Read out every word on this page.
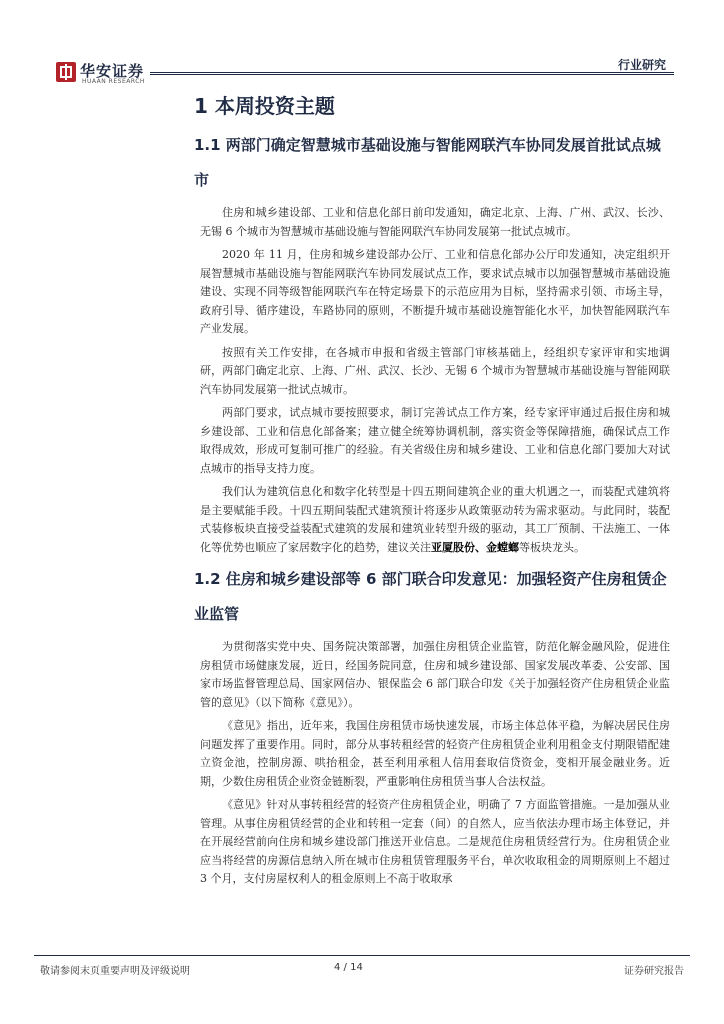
华安证券
HUAAN RESEARCH
行业研究
1 本周投资主题
1.1 两部门确定智慧城市基础设施与智能网联汽车协同发展首批试点城市

住房和城乡建设部、工业和信息化部日前印发通知，确定北京、上海、广州、武汉、长沙、无锡 6 个城市为智慧城市基础设施与智能网联汽车协同发展第一批试点城市。

2020 年 11 月，住房和城乡建设部办公厅、工业和信息化部办公厅印发通知，决定组织开展智慧城市基础设施与智能网联汽车协同发展试点工作，要求试点城市以加强智慧城市基础设施建设、实现不同等级智能网联汽车在特定场景下的示范应用为目标，坚持需求引领、市场主导，政府引导、循序建设，车路协同的原则，不断提升城市基础设施智能化水平，加快智能网联汽车产业发展。

按照有关工作安排，在各城市申报和省级主管部门审核基础上，经组织专家评审和实地调研，两部门确定北京、上海、广州、武汉、长沙、无锡 6 个城市为智慧城市基础设施与智能网联汽车协同发展第一批试点城市。

两部门要求，试点城市要按照要求，制订完善试点工作方案，经专家评审通过后报住房和城乡建设部、工业和信息化部备案；建立健全统筹协调机制，落实资金等保障措施，确保试点工作取得成效，形成可复制可推广的经验。有关省级住房和城乡建设、工业和信息化部门要加大对试点城市的指导支持力度。

我们认为建筑信息化和数字化转型是十四五期间建筑企业的重大机遇之一，而装配式建筑将是主要赋能手段。十四五期间装配式建筑预计将逐步从政策驱动转为需求驱动。与此同时，装配式装修板块直接受益装配式建筑的发展和建筑业转型升级的驱动，其工厂预制、干法施工、一体化等优势也顺应了家居数字化的趋势，建议关注亚厦股份、金螳螂等板块龙头。

1.2 住房和城乡建设部等 6 部门联合印发意见：加强轻资产住房租赁企业监管

为贯彻落实党中央、国务院决策部署，加强住房租赁企业监管，防范化解金融风险，促进住房租赁市场健康发展，近日，经国务院同意，住房和城乡建设部、国家发展改革委、公安部、国家市场监督管理总局、国家网信办、银保监会 6 部门联合印发《关于加强轻资产住房租赁企业监管的意见》（以下简称《意见》）。

《意见》指出，近年来，我国住房租赁市场快速发展，市场主体总体平稳，为解决居民住房问题发挥了重要作用。同时，部分从事转租经营的轻资产住房租赁企业利用租金支付期限错配建立资金池，控制房源、哄抬租金，甚至利用承租人信用套取信贷资金，变相开展金融业务。近期，少数住房租赁企业资金链断裂，严重影响住房租赁当事人合法权益。

《意见》针对从事转租经营的轻资产住房租赁企业，明确了 7 方面监管措施。一是加强从业管理。从事住房租赁经营的企业和转租一定套（间）的自然人，应当依法办理市场主体登记，并在开展经营前向住房和城乡建设部门推送开业信息。二是规范住房租赁经营行为。住房租赁企业应当将经营的房源信息纳入所在城市住房租赁管理服务平台，单次收取租金的周期原则上不超过 3 个月，支付房屋权利人的租金原则上不高于收取承

敬请参阅末页重要声明及评级说明	4 / 14	证券研究报告
